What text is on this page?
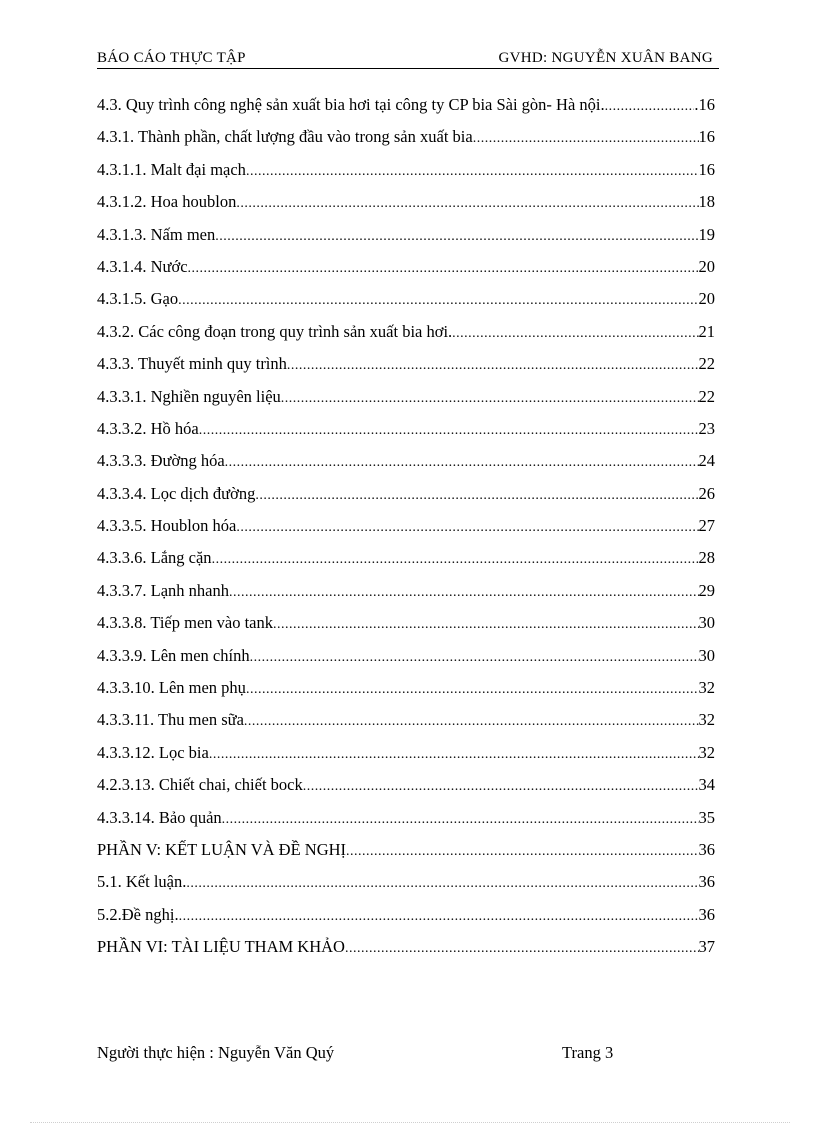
BÁO CÁO THỰC TẬP	GVHD: NGUYỄN XUÂN BANG
4.3. Quy trình công nghệ sản xuất bia hơi tại công ty CP bia Sài gòn- Hà nội. .....	.16
4.3.1. Thành phần, chất lượng đầu vào trong sản xuất bia .....	16
4.3.1.1. Malt đại mạch .....	16
4.3.1.2. Hoa houblon .....	18
4.3.1.3. Nấm men .....	19
4.3.1.4. Nước .....	20
4.3.1.5. Gạo .....	20
4.3.2. Các công đoạn trong quy trình sản xuất bia hơi. .....	21
4.3.3. Thuyết minh quy trình .....	22
4.3.3.1. Nghiền nguyên liệu .....	22
4.3.3.2. Hồ hóa .....	23
4.3.3.3. Đường hóa .....	24
4.3.3.4. Lọc dịch đường .....	26
4.3.3.5. Houblon hóa .....	27
4.3.3.6. Lắng cặn .....	28
4.3.3.7. Lạnh nhanh .....	29
4.3.3.8. Tiếp men vào tank .....	30
4.3.3.9. Lên men chính .....	30
4.3.3.10. Lên men phụ .....	32
4.3.3.11. Thu men sữa .....	32
4.3.3.12. Lọc bia .....	32
4.2.3.13. Chiết chai, chiết bock .....	34
4.3.3.14. Bảo quản .....	35
PHẦN V: KẾT LUẬN VÀ ĐỀ NGHỊ .....	36
5.1. Kết luận. .....	36
5.2.Đề nghị. .....	36
PHẦN VI: TÀI LIỆU THAM KHẢO .....	37
Người thực hiện : Nguyễn Văn Quý	Trang 3
